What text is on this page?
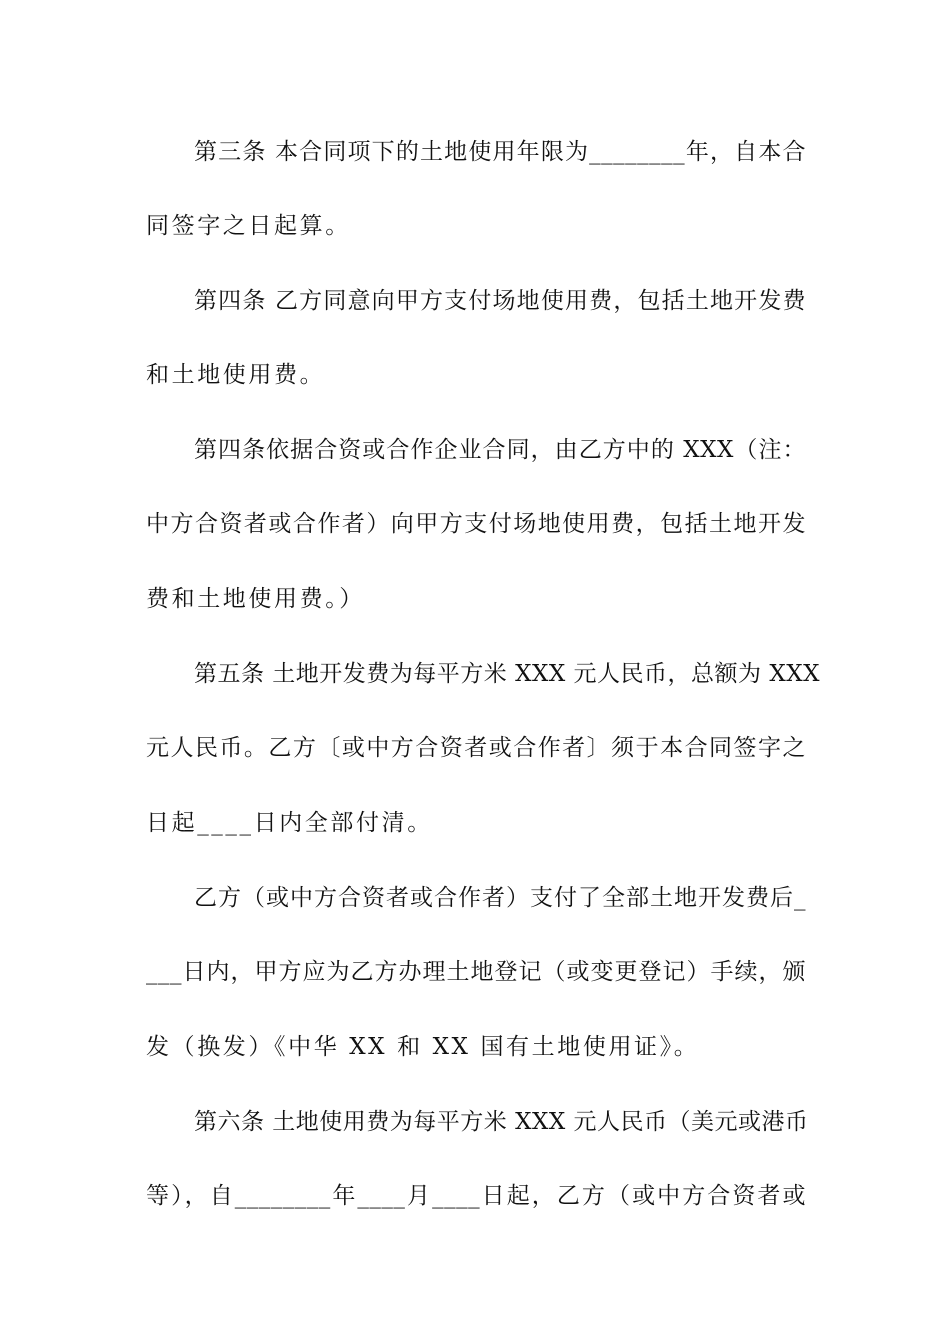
第三条 本合同项下的土地使用年限为________年，自本合
同签字之日起算。
第四条 乙方同意向甲方支付场地使用费，包括土地开发费
和土地使用费。
第四条依据合资或合作企业合同，由乙方中的 XXX（注：
中方合资者或合作者）向甲方支付场地使用费，包括土地开发
费和土地使用费。）
第五条 土地开发费为每平方米 XXX 元人民币，总额为 XXX
元人民币。乙方〔或中方合资者或合作者〕须于本合同签字之
日起____日内全部付清。
乙方（或中方合资者或合作者）支付了全部土地开发费后_
___日内，甲方应为乙方办理土地登记（或变更登记）手续，颁
发（换发）《中华 XX 和 XX 国有土地使用证》。
第六条 土地使用费为每平方米 XXX 元人民币（美元或港币
等），自________年____月____日起，乙方（或中方合资者或
